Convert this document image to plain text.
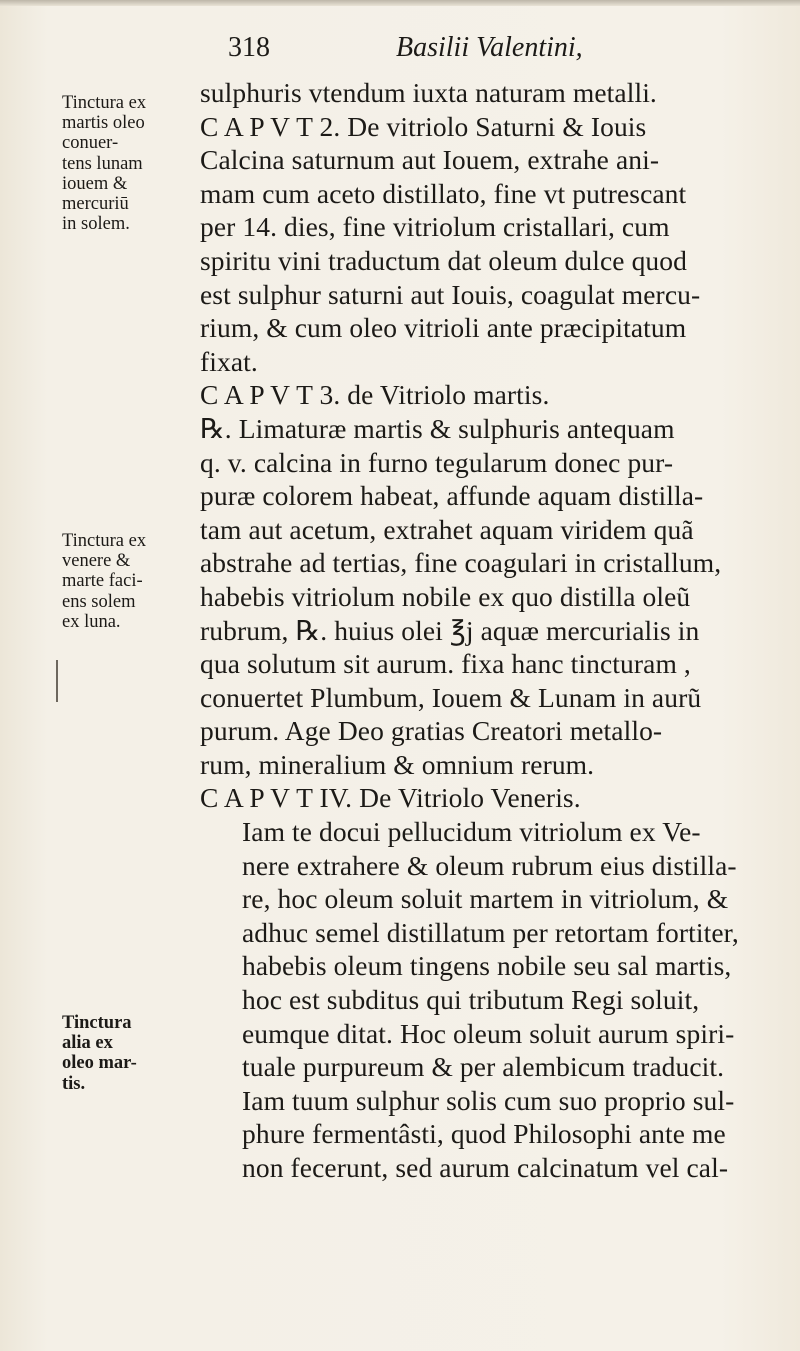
318	Basilii Valentini,
Tinctura ex
martis oleo
conuer-
tens lunam
iouem &
mercuriū
in solem.
Tinctura ex
venere &
marte faci-
ens solem
ex luna.
Tinctura
alia ex
oleo mar-
tis.
sulphuris vtendum iuxta naturam metalli.
C A P V T 2. De vitriolo Saturni & Iouis
Calcina saturnum aut Iouem, extrahe ani-
mam cum aceto distillato, fine vt putrescant
per 14. dies, fine vitriolum cristallari, cum
spiritu vini traductum dat oleum dulce quod
est sulphur saturni aut Iouis, coagulat mercu-
rium, & cum oleo vitrioli ante præcipitatum
fixat.
C A P V T 3. de Vitriolo martis.
℞. Limaturæ martis & sulphuris antequam
q. v. calcina in furno tegularum donec pur-
puræ colorem habeat, affunde aquam distilla-
tam aut acetum, extrahet aquam viridem quã
abstrahe ad tertias, fine coagulari in cristallum,
habebis vitriolum nobile ex quo distilla oleũ
rubrum, ℞. huius olei ℥j aquæ mercurialis in
qua solutum sit aurum. fixa hanc tincturam ,
conuertet Plumbum, Iouem & Lunam in aurũ
purum. Age Deo gratias Creatori metallo-
rum, mineralium & omnium rerum.
C A P V T IV. De Vitriolo Veneris.
Iam te docui pellucidum vitriolum ex Ve-
nere extrahere & oleum rubrum eius distilla-
re, hoc oleum soluit martem in vitriolum, &
adhuc semel distillatum per retortam fortiter,
habebis oleum tingens nobile seu sal martis,
hoc est subditus qui tributum Regi soluit,
eumque ditat. Hoc oleum soluit aurum spiri-
tuale purpureum & per alembicum traducit.
Iam tuum sulphur solis cum suo proprio sul-
phure fermentâsti, quod Philosophi ante me
non fecerunt, sed aurum calcinatum vel cal-
